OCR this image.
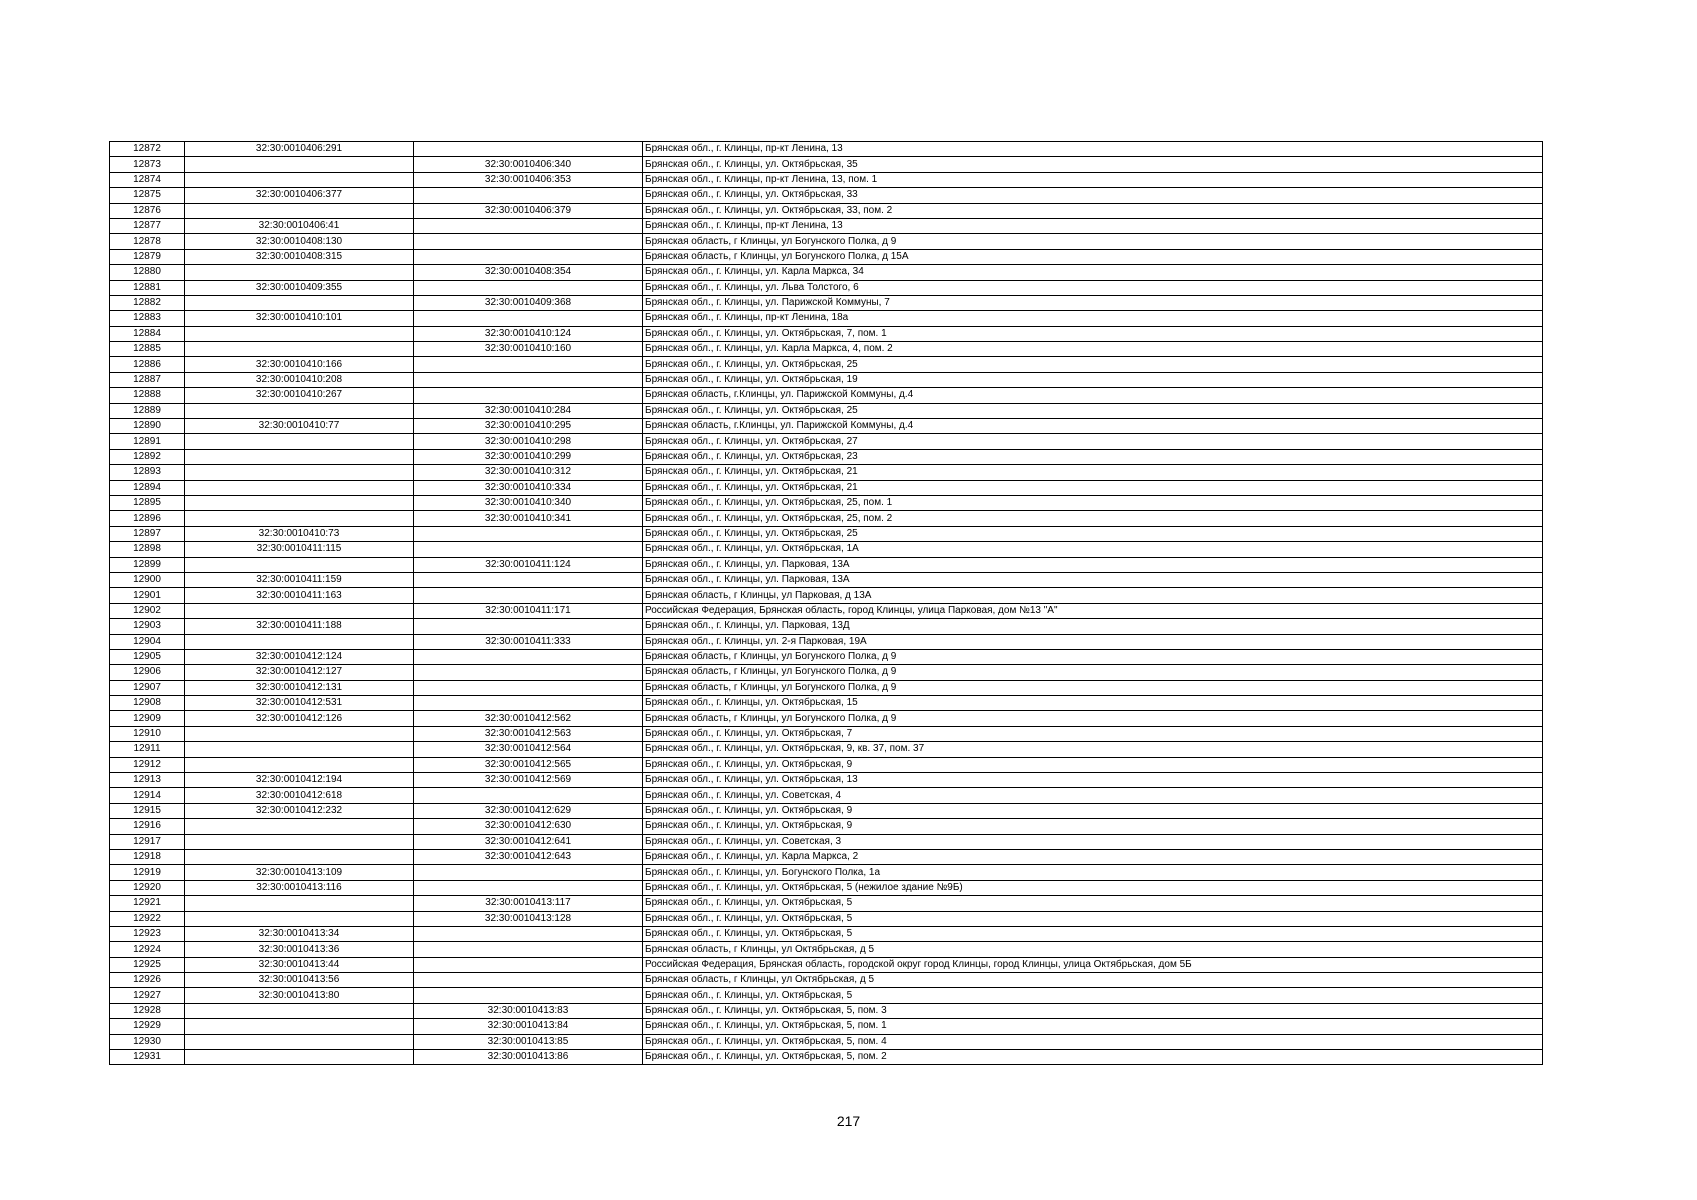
12872	32:30:0010406:291		Брянская обл., г. Клинцы, пр-кт Ленина, 13
12873		32:30:0010406:340	Брянская обл., г. Клинцы, ул. Октябрьская, 35
12874		32:30:0010406:353	Брянская обл., г. Клинцы, пр-кт Ленина, 13, пом. 1
12875	32:30:0010406:377		Брянская обл., г. Клинцы, ул. Октябрьская, 33
12876		32:30:0010406:379	Брянская обл., г. Клинцы, ул. Октябрьская, 33, пом. 2
12877	32:30:0010406:41		Брянская обл., г. Клинцы, пр-кт Ленина, 13
12878	32:30:0010408:130		Брянская область, г Клинцы, ул Богунского Полка, д 9
12879	32:30:0010408:315		Брянская область, г Клинцы, ул Богунского Полка, д 15А
12880		32:30:0010408:354	Брянская обл., г. Клинцы, ул. Карла Маркса, 34
12881	32:30:0010409:355		Брянская обл., г. Клинцы, ул. Льва Толстого, 6
12882		32:30:0010409:368	Брянская обл., г. Клинцы, ул. Парижской Коммуны, 7
12883	32:30:0010410:101		Брянская обл., г. Клинцы, пр-кт Ленина, 18а
12884		32:30:0010410:124	Брянская обл., г. Клинцы, ул. Октябрьская, 7, пом. 1
12885		32:30:0010410:160	Брянская обл., г. Клинцы, ул. Карла Маркса, 4, пом. 2
12886	32:30:0010410:166		Брянская обл., г. Клинцы, ул. Октябрьская, 25
12887	32:30:0010410:208		Брянская обл., г. Клинцы, ул. Октябрьская, 19
12888	32:30:0010410:267		Брянская область, г.Клинцы, ул. Парижской Коммуны, д.4
12889		32:30:0010410:284	Брянская обл., г. Клинцы, ул. Октябрьская, 25
12890	32:30:0010410:77	32:30:0010410:295	Брянская область, г.Клинцы, ул. Парижской Коммуны, д.4
12891		32:30:0010410:298	Брянская обл., г. Клинцы, ул. Октябрьская, 27
12892		32:30:0010410:299	Брянская обл., г. Клинцы, ул. Октябрьская, 23
12893		32:30:0010410:312	Брянская обл., г. Клинцы, ул. Октябрьская, 21
12894		32:30:0010410:334	Брянская обл., г. Клинцы, ул. Октябрьская, 21
12895		32:30:0010410:340	Брянская обл., г. Клинцы, ул. Октябрьская, 25, пом. 1
12896		32:30:0010410:341	Брянская обл., г. Клинцы, ул. Октябрьская, 25, пом. 2
12897	32:30:0010410:73		Брянская обл., г. Клинцы, ул. Октябрьская, 25
12898	32:30:0010411:115		Брянская обл., г. Клинцы, ул. Октябрьская, 1А
12899		32:30:0010411:124	Брянская обл., г. Клинцы, ул. Парковая, 13А
12900	32:30:0010411:159		Брянская обл., г. Клинцы, ул. Парковая, 13А
12901	32:30:0010411:163		Брянская область, г Клинцы, ул Парковая, д 13А
12902		32:30:0010411:171	Российская Федерация, Брянская область, город Клинцы, улица Парковая, дом №13 "А"
12903	32:30:0010411:188		Брянская обл., г. Клинцы, ул. Парковая, 13Д
12904		32:30:0010411:333	Брянская обл., г. Клинцы, ул. 2-я Парковая, 19А
12905	32:30:0010412:124		Брянская область, г Клинцы, ул Богунского Полка, д 9
12906	32:30:0010412:127		Брянская область, г Клинцы, ул Богунского Полка, д 9
12907	32:30:0010412:131		Брянская область, г Клинцы, ул Богунского Полка, д 9
12908	32:30:0010412:531		Брянская обл., г. Клинцы, ул. Октябрьская, 15
12909	32:30:0010412:126	32:30:0010412:562	Брянская область, г Клинцы, ул Богунского Полка, д 9
12910		32:30:0010412:563	Брянская обл., г. Клинцы, ул. Октябрьская, 7
12911		32:30:0010412:564	Брянская обл., г. Клинцы, ул. Октябрьская, 9, кв. 37, пом. 37
12912		32:30:0010412:565	Брянская обл., г. Клинцы, ул. Октябрьская, 9
12913	32:30:0010412:194	32:30:0010412:569	Брянская обл., г. Клинцы, ул. Октябрьская, 13
12914	32:30:0010412:618		Брянская обл., г. Клинцы, ул. Советская, 4
12915	32:30:0010412:232	32:30:0010412:629	Брянская обл., г. Клинцы, ул. Октябрьская, 9
12916		32:30:0010412:630	Брянская обл., г. Клинцы, ул. Октябрьская, 9
12917		32:30:0010412:641	Брянская обл., г. Клинцы, ул. Советская, 3
12918		32:30:0010412:643	Брянская обл., г. Клинцы, ул. Карла Маркса, 2
12919	32:30:0010413:109		Брянская обл., г. Клинцы, ул. Богунского Полка, 1а
12920	32:30:0010413:116		Брянская обл., г. Клинцы, ул. Октябрьская, 5 (нежилое здание №9Б)
12921		32:30:0010413:117	Брянская обл., г. Клинцы, ул. Октябрьская, 5
12922		32:30:0010413:128	Брянская обл., г. Клинцы, ул. Октябрьская, 5
12923	32:30:0010413:34		Брянская обл., г. Клинцы, ул. Октябрьская, 5
12924	32:30:0010413:36		Брянская область, г Клинцы, ул Октябрьская, д 5
12925	32:30:0010413:44		Российская Федерация, Брянская область, городской округ город Клинцы, город Клинцы, улица Октябрьская, дом 5Б
12926	32:30:0010413:56		Брянская область, г Клинцы, ул Октябрьская, д 5
12927	32:30:0010413:80		Брянская обл., г. Клинцы, ул. Октябрьская, 5
12928		32:30:0010413:83	Брянская обл., г. Клинцы, ул. Октябрьская, 5, пом. 3
12929		32:30:0010413:84	Брянская обл., г. Клинцы, ул. Октябрьская, 5, пом. 1
12930		32:30:0010413:85	Брянская обл., г. Клинцы, ул. Октябрьская, 5, пом. 4
12931		32:30:0010413:86	Брянская обл., г. Клинцы, ул. Октябрьская, 5, пом. 2
217
